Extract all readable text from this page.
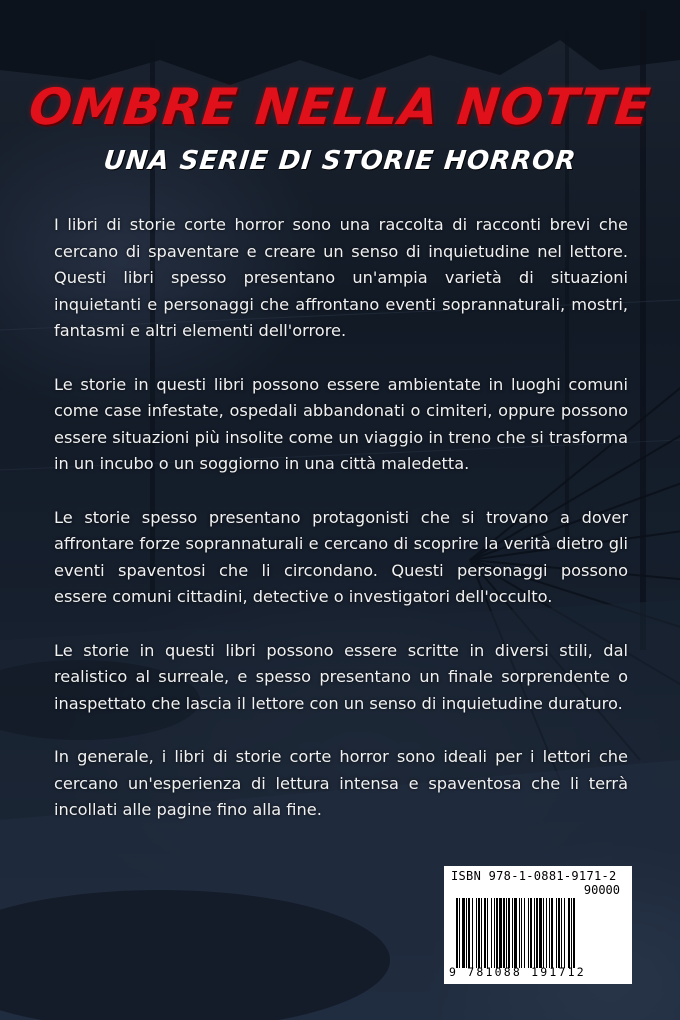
OMBRE NELLA NOTTE
UNA SERIE DI STORIE HORROR

I libri di storie corte horror sono una raccolta di racconti brevi che cercano di spaventare e creare un senso di inquietudine nel lettore. Questi libri spesso presentano un'ampia varietà di situazioni inquietanti e personaggi che affrontano eventi soprannaturali, mostri, fantasmi e altri elementi dell'orrore.

Le storie in questi libri possono essere ambientate in luoghi comuni come case infestate, ospedali abbandonati o cimiteri, oppure possono essere situazioni più insolite come un viaggio in treno che si trasforma in un incubo o un soggiorno in una città maledetta.

Le storie spesso presentano protagonisti che si trovano a dover affrontare forze soprannaturali e cercano di scoprire la verità dietro gli eventi spaventosi che li circondano. Questi personaggi possono essere comuni cittadini, detective o investigatori dell'occulto.

Le storie in questi libri possono essere scritte in diversi stili, dal realistico al surreale, e spesso presentano un finale sorprendente o inaspettato che lascia il lettore con un senso di inquietudine duraturo.

In generale, i libri di storie corte horror sono ideali per i lettori che cercano un'esperienza di lettura intensa e spaventosa che li terrà incollati alle pagine fino alla fine.

ISBN 978-1-0881-9171-2
90000
9 781088 191712
